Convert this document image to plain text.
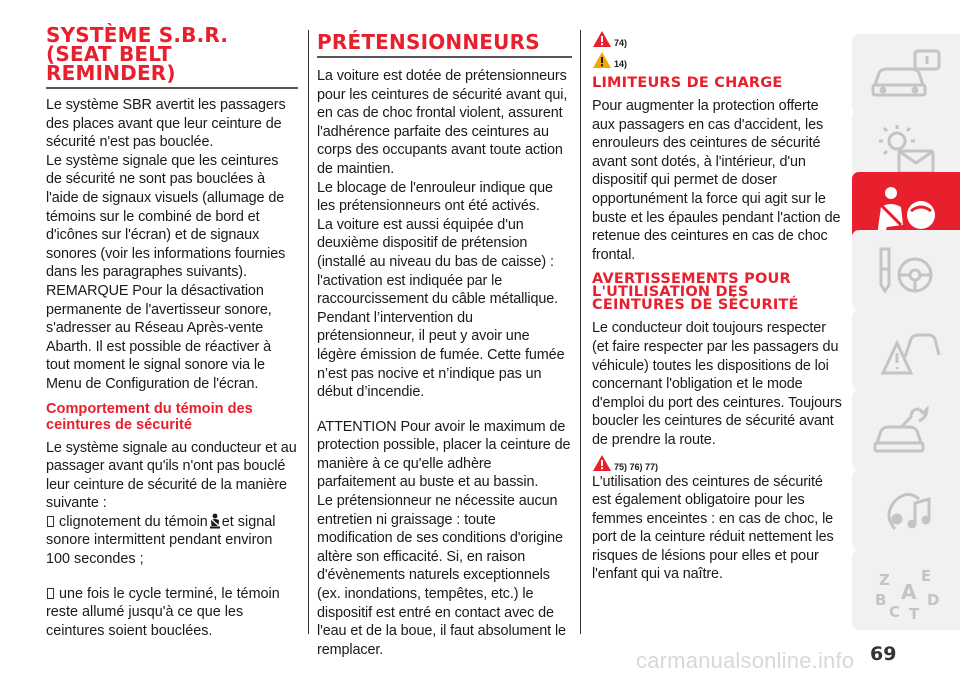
SYSTÈME S.B.R. (SEAT BELT REMINDER)

Le système SBR avertit les passagers des places avant que leur ceinture de sécurité n'est pas bouclée.

Le système signale que les ceintures de sécurité ne sont pas bouclées à l'aide de signaux visuels (allumage de témoins sur le combiné de bord et d'icônes sur l'écran) et de signaux sonores (voir les informations fournies dans les paragraphes suivants).

REMARQUE Pour la désactivation permanente de l'avertisseur sonore, s'adresser au Réseau Après-vente Abarth. Il est possible de réactiver à tout moment le signal sonore via le Menu de Configuration de l'écran.

Comportement du témoin des ceintures de sécurité

Le système signale au conducteur et au passager avant qu'ils n'ont pas bouclé leur ceinture de sécurité de la manière suivante :

clignotement du témoin et signal sonore intermittent pendant environ 100 secondes ;

une fois le cycle terminé, le témoin reste allumé jusqu'à ce que les ceintures soient bouclées.

PRÉTENSIONNEURS

La voiture est dotée de prétensionneurs pour les ceintures de sécurité avant qui, en cas de choc frontal violent, assurent l'adhérence parfaite des ceintures au corps des occupants avant toute action de maintien.

Le blocage de l'enrouleur indique que les prétensionneurs ont été activés.

La voiture est aussi équipée d'un deuxième dispositif de prétension (installé au niveau du bas de caisse) : l'activation est indiquée par le raccourcissement du câble métallique.

Pendant l’intervention du prétensionneur, il peut y avoir une légère émission de fumée. Cette fumée n’est pas nocive et n’indique pas un début d’incendie.

ATTENTION Pour avoir le maximum de protection possible, placer la ceinture de manière à ce qu'elle adhère parfaitement au buste et au bassin.

Le prétensionneur ne nécessite aucun entretien ni graissage : toute modification de ses conditions d'origine altère son efficacité. Si, en raison d'évènements naturels exceptionnels (ex. inondations, tempêtes, etc.) le dispositif est entré en contact avec de l'eau et de la boue, il faut absolument le remplacer.

74)
14)
LIMITEURS DE CHARGE

Pour augmenter la protection offerte aux passagers en cas d'accident, les enrouleurs des ceintures de sécurité avant sont dotés, à l'intérieur, d'un dispositif qui permet de doser opportunément la force qui agit sur le buste et les épaules pendant l'action de retenue des ceintures en cas de choc frontal.

AVERTISSEMENTS POUR L'UTILISATION DES CEINTURES DE SÉCURITÉ

Le conducteur doit toujours respecter (et faire respecter par les passagers du véhicule) toutes les dispositions de loi concernant l'obligation et le mode d'emploi du port des ceintures. Toujours boucler les ceintures de sécurité avant de prendre la route.

75) 76) 77)

L'utilisation des ceintures de sécurité est également obligatoire pour les femmes enceintes : en cas de choc, le port de la ceinture réduit nettement les risques de lésions pour elles et pour l'enfant qui va naître.	Z E
B A D
C T
69
carmanualsonline.info
